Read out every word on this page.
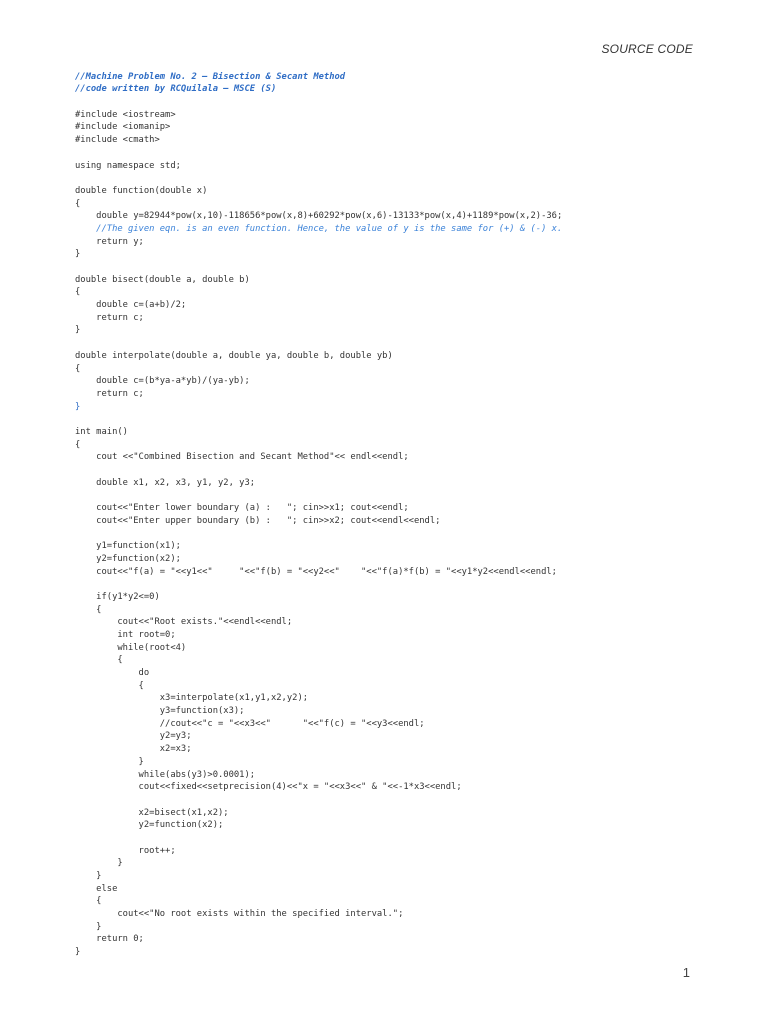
SOURCE CODE
//Machine Problem No. 2 – Bisection & Secant Method
//code written by RCQuilala – MSCE (S)
#include <iostream>
#include <iomanip>
#include <cmath>
using namespace std;
double function(double x)
{
double y=82944*pow(x,10)-118656*pow(x,8)+60292*pow(x,6)-13133*pow(x,4)+1189*pow(x,2)-36;
//The given eqn. is an even function. Hence, the value of y is the same for (+) & (-) x.
return y;
}
double bisect(double a, double b)
{
double c=(a+b)/2;
return c;
}
double interpolate(double a, double ya, double b, double yb)
{
double c=(b*ya-a*yb)/(ya-yb);
return c;
}
int main()
{
cout <<"Combined Bisection and Secant Method"<< endl<<endl;
double x1, x2, x3, y1, y2, y3;
cout<<"Enter lower boundary (a) :   "; cin>>x1; cout<<endl;
cout<<"Enter upper boundary (b) :   "; cin>>x2; cout<<endl<<endl;
y1=function(x1);
y2=function(x2);
cout<<"f(a) = "<<y1<<"     "<<"f(b) = "<<y2<<"    "<<"f(a)*f(b) = "<<y1*y2<<endl<<endl;
if(y1*y2<=0)
{
cout<<"Root exists."<<endl<<endl;
int root=0;
while(root<4)
{
do
{
x3=interpolate(x1,y1,x2,y2);
y3=function(x3);
//cout<<"c = "<<x3<<"      "<<"f(c) = "<<y3<<endl;
y2=y3;
x2=x3;
}
while(abs(y3)>0.0001);
cout<<fixed<<setprecision(4)<<"x = "<<x3<<" & "<<-1*x3<<endl;
x2=bisect(x1,x2);
y2=function(x2);
root++;
}
}
else
{
cout<<"No root exists within the specified interval.";
}
return 0;
}
1
